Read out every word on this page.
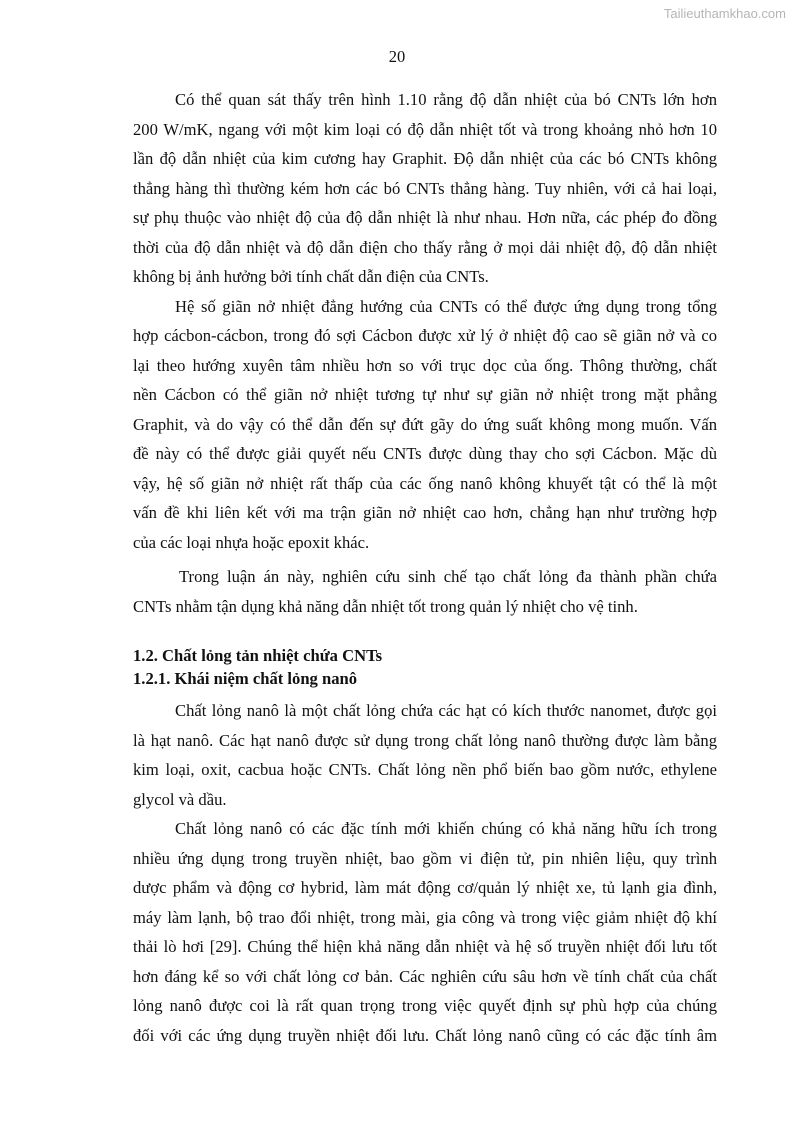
Tailieuthamkhao.com
20
Có thể quan sát thấy trên hình 1.10 rằng độ dẫn nhiệt của bó CNTs lớn hơn
200 W/mK, ngang với một kim loại có độ dẫn nhiệt tốt và trong khoảng nhỏ hơn 10
lần độ dẫn nhiệt của kim cương hay Graphit. Độ dẫn nhiệt của các bó CNTs không
thẳng hàng thì thường kém hơn các bó CNTs thẳng hàng. Tuy nhiên, với cả hai loại,
sự phụ thuộc vào nhiệt độ của độ dẫn nhiệt là như nhau. Hơn nữa, các phép đo đồng
thời của độ dẫn nhiệt và độ dẫn điện cho thấy rằng ở mọi dải nhiệt độ, độ dẫn nhiệt
không bị ảnh hưởng bởi tính chất dẫn điện của CNTs.
Hệ số giãn nở nhiệt đẳng hướng của CNTs có thể được ứng dụng trong tổng
hợp cácbon-cácbon, trong đó sợi Cácbon được xử lý ở nhiệt độ cao sẽ giãn nở và co
lại theo hướng xuyên tâm nhiều hơn so với trục dọc của ống. Thông thường, chất
nền Cácbon có thể giãn nở nhiệt tương tự như sự giãn nở nhiệt trong mặt phẳng
Graphit, và do vậy có thể dẫn đến sự đứt gãy do ứng suất không mong muốn. Vấn
đề này có thể được giải quyết nếu CNTs được dùng thay cho sợi Cácbon. Mặc dù
vậy, hệ số giãn nở nhiệt rất thấp của các ống nanô không khuyết tật có thể là một
vấn đề khi liên kết với ma trận giãn nở nhiệt cao hơn, chẳng hạn như trường hợp
của các loại nhựa hoặc epoxit khác.
Trong luận án này, nghiên cứu sinh chế tạo chất lỏng đa thành phần chứa
CNTs nhằm tận dụng khả năng dẫn nhiệt tốt trong quản lý nhiệt cho vệ tinh.
1.2. Chất lỏng tản nhiệt chứa CNTs
1.2.1. Khái niệm chất lỏng nanô
Chất lỏng nanô là một chất lỏng chứa các hạt có kích thước nanomet, được gọi
là hạt nanô. Các hạt nanô được sử dụng trong chất lỏng nanô thường được làm bằng
kim loại, oxit, cacbua hoặc CNTs. Chất lỏng nền phổ biến bao gồm nước, ethylene
glycol và dầu.
Chất lỏng nanô có các đặc tính mới khiến chúng có khả năng hữu ích trong
nhiều ứng dụng trong truyền nhiệt, bao gồm vi điện tử, pin nhiên liệu, quy trình
dược phẩm và động cơ hybrid, làm mát động cơ/quản lý nhiệt xe, tủ lạnh gia đình,
máy làm lạnh, bộ trao đổi nhiệt, trong mài, gia công và trong việc giảm nhiệt độ khí
thải lò hơi [29]. Chúng thể hiện khả năng dẫn nhiệt và hệ số truyền nhiệt đối lưu tốt
hơn đáng kể so với chất lỏng cơ bản. Các nghiên cứu sâu hơn về tính chất của chất
lỏng nanô được coi là rất quan trọng trong việc quyết định sự phù hợp của chúng
đối với các ứng dụng truyền nhiệt đối lưu. Chất lỏng nanô cũng có các đặc tính âm
